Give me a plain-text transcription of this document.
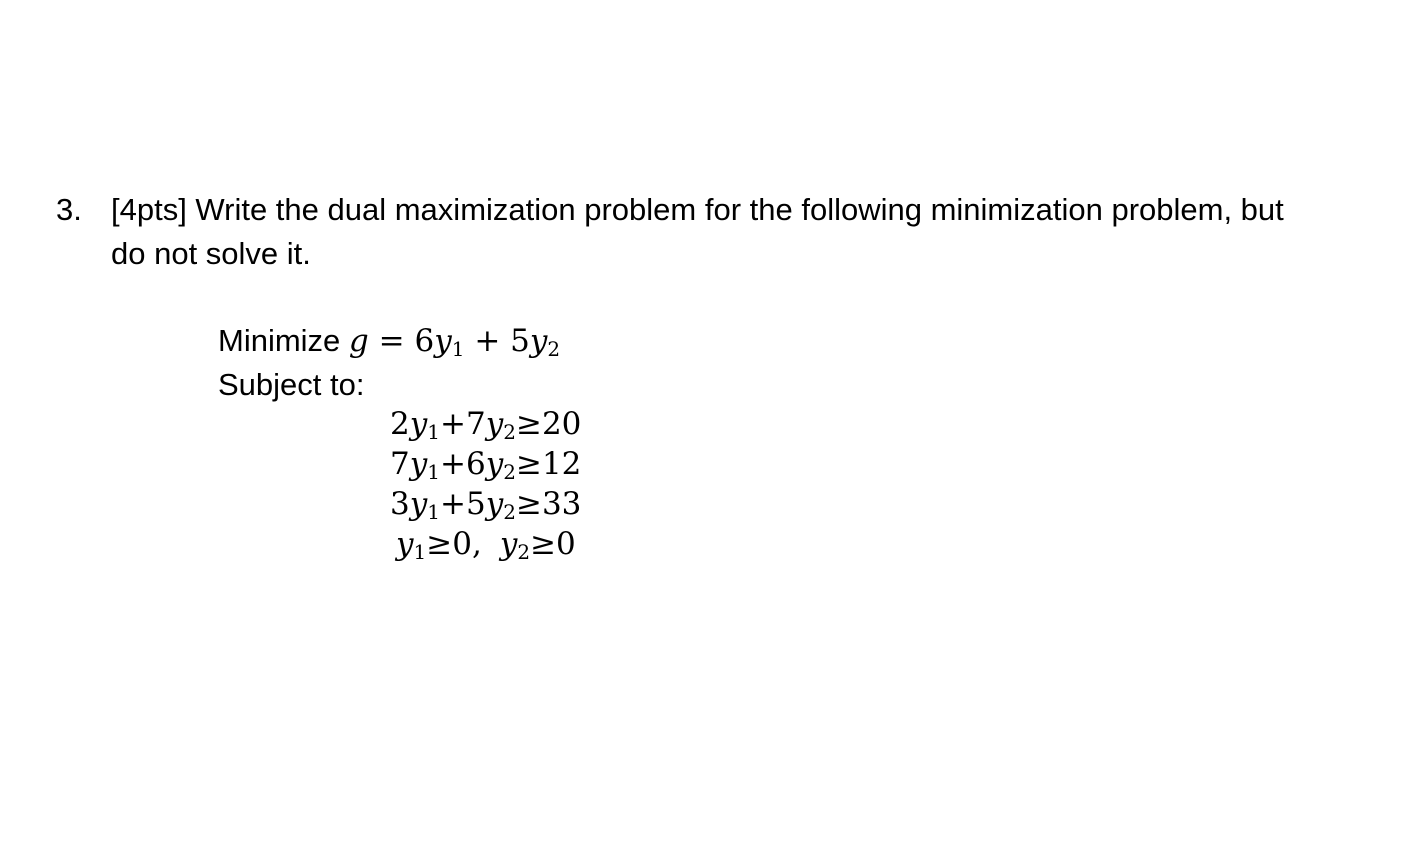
3. [4pts] Write the dual maximization problem for the following minimization problem, but
do not solve it.
Minimize $g = 6y_1 + 5y_2$
Subject to:
$2y_1+7y_2\ge 20$
$7y_1+6y_2\ge 12$
$3y_1+5y_2\ge 33$
$y_1\ge 0$, $y_2\ge 0$
